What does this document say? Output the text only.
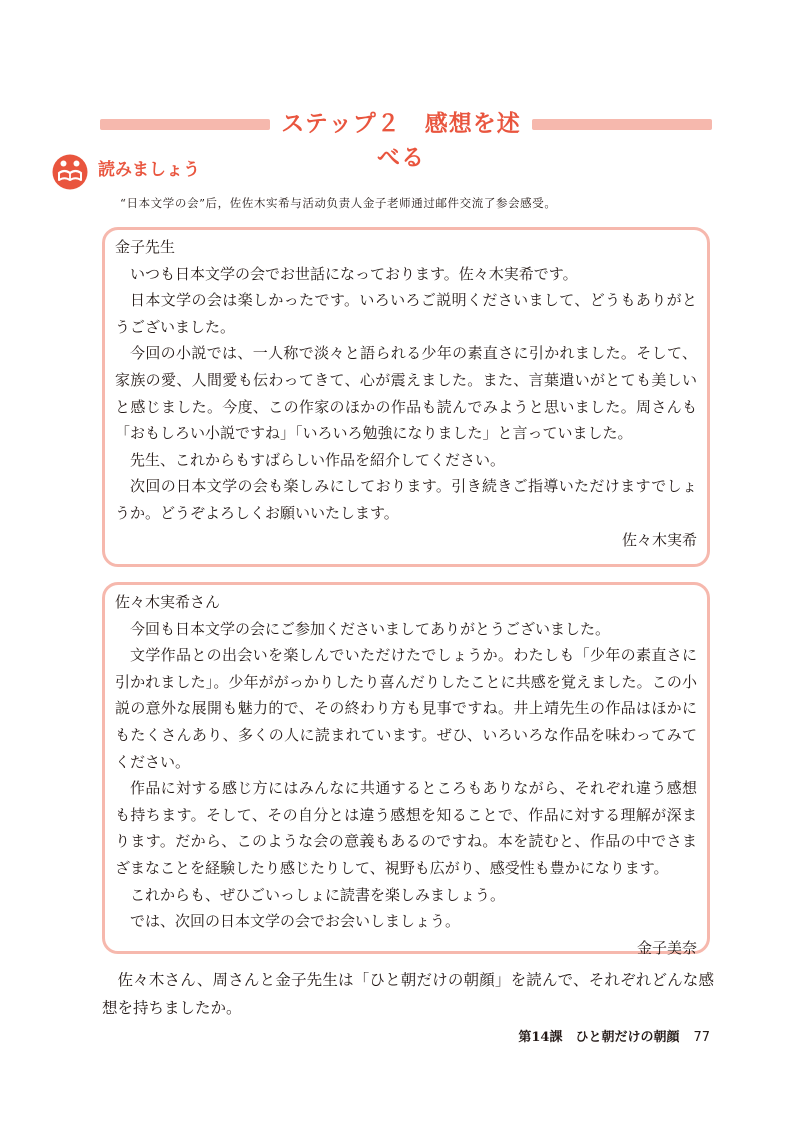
ステップ２　感想を述べる
読みましょう
“日本文学の会”后，佐佐木实希与活动负责人金子老师通过邮件交流了参会感受。
金子先生

いつも日本文学の会でお世話になっております。佐々木実希です。

日本文学の会は楽しかったです。いろいろご説明くださいまして、どうもありがとうございました。

今回の小説では、一人称で淡々と語られる少年の素直さに引かれました。そして、家族の愛、人間愛も伝わってきて、心が震えました。また、言葉遣いがとても美しいと感じました。今度、この作家のほかの作品も読んでみようと思いました。周さんも「おもしろい小説ですね」「いろいろ勉強になりました」と言っていました。

先生、これからもすばらしい作品を紹介してください。

次回の日本文学の会も楽しみにしております。引き続きご指導いただけますでしょうか。どうぞよろしくお願いいたします。

佐々木実希
佐々木実希さん

今回も日本文学の会にご参加くださいましてありがとうございました。

文学作品との出会いを楽しんでいただけたでしょうか。わたしも「少年の素直さに引かれました」。少年ががっかりしたり喜んだりしたことに共感を覚えました。この小説の意外な展開も魅力的で、その終わり方も見事ですね。井上靖先生の作品はほかにもたくさんあり、多くの人に読まれています。ぜひ、いろいろな作品を味わってみてください。

作品に対する感じ方にはみんなに共通するところもありながら、それぞれ違う感想も持ちます。そして、その自分とは違う感想を知ることで、作品に対する理解が深まります。だから、このような会の意義もあるのですね。本を読むと、作品の中でさまざまなことを経験したり感じたりして、視野も広がり、感受性も豊かになります。

これからも、ぜひごいっしょに読書を楽しみましょう。

では、次回の日本文学の会でお会いしましょう。

金子美奈

佐々木さん、周さんと金子先生は「ひと朝だけの朝顔」を読んで、それぞれどんな感想を持ちましたか。

第14課　ひと朝だけの朝顔 77
